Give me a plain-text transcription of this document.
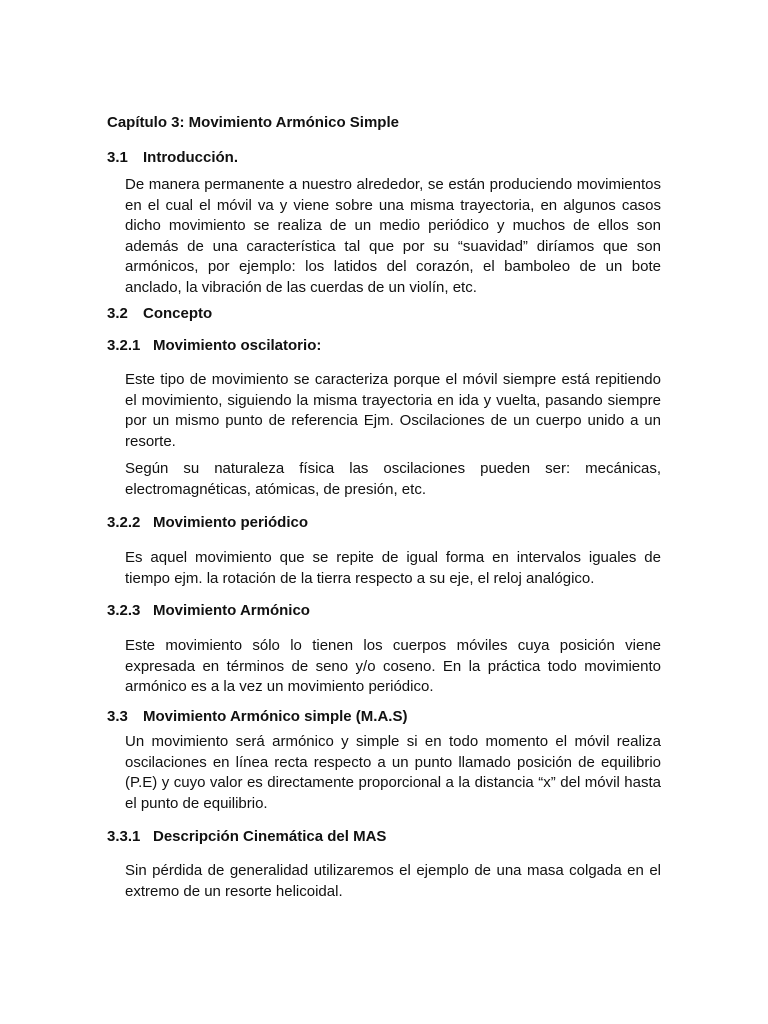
Capítulo 3: Movimiento Armónico Simple
3.1 Introducción.

De manera permanente a nuestro alrededor, se están produciendo movimientos en el cual el móvil va y viene sobre una misma trayectoria, en algunos casos dicho movimiento se realiza de un medio periódico y muchos de ellos son además de una característica tal que por su “suavidad” diríamos que son armónicos, por ejemplo: los latidos del corazón, el bamboleo de un bote anclado, la vibración de las cuerdas de un violín, etc.

3.2 Concepto
3.2.1 Movimiento oscilatorio:

Este tipo de movimiento se caracteriza porque el móvil siempre está repitiendo el movimiento, siguiendo la misma trayectoria en ida y vuelta, pasando siempre por un mismo punto de referencia Ejm. Oscilaciones de un cuerpo unido a un resorte.

Según su naturaleza física las oscilaciones pueden ser: mecánicas, electromagnéticas, atómicas, de presión, etc.

3.2.2 Movimiento periódico

Es aquel movimiento que se repite de igual forma en intervalos iguales de tiempo ejm. la rotación de la tierra respecto a su eje, el reloj analógico.

3.2.3 Movimiento Armónico

Este movimiento sólo lo tienen los cuerpos móviles cuya posición viene expresada en términos de seno y/o coseno. En la práctica todo movimiento armónico es a la vez un movimiento periódico.

3.3 Movimiento Armónico simple (M.A.S)

Un movimiento será armónico y simple si en todo momento el móvil realiza oscilaciones en línea recta respecto a un punto llamado posición de equilibrio (P.E) y cuyo valor es directamente proporcional a la distancia “x” del móvil hasta el punto de equilibrio.

3.3.1 Descripción Cinemática del MAS

Sin pérdida de generalidad utilizaremos el ejemplo de una masa colgada en el extremo de un resorte helicoidal.
